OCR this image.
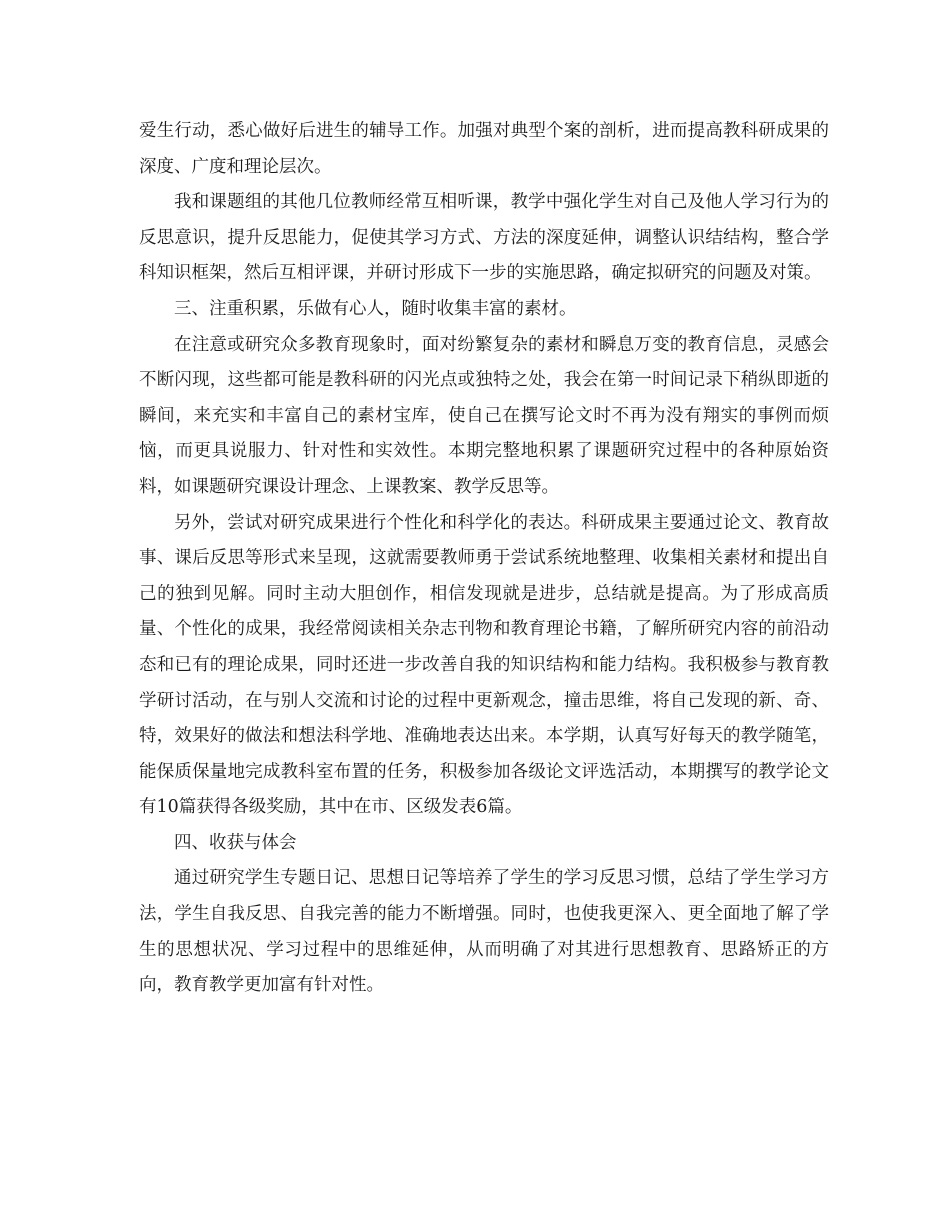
爱生行动，悉心做好后进生的辅导工作。加强对典型个案的剖析，进而提高教科研成果的深度、广度和理论层次。

我和课题组的其他几位教师经常互相听课，教学中强化学生对自己及他人学习行为的反思意识，提升反思能力，促使其学习方式、方法的深度延伸，调整认识结结构，整合学科知识框架，然后互相评课，并研讨形成下一步的实施思路，确定拟研究的问题及对策。

三、注重积累，乐做有心人，随时收集丰富的素材。

在注意或研究众多教育现象时，面对纷繁复杂的素材和瞬息万变的教育信息，灵感会不断闪现，这些都可能是教科研的闪光点或独特之处，我会在第一时间记录下稍纵即逝的瞬间，来充实和丰富自己的素材宝库，使自己在撰写论文时不再为没有翔实的事例而烦恼，而更具说服力、针对性和实效性。本期完整地积累了课题研究过程中的各种原始资料，如课题研究课设计理念、上课教案、教学反思等。

另外，尝试对研究成果进行个性化和科学化的表达。科研成果主要通过论文、教育故事、课后反思等形式来呈现，这就需要教师勇于尝试系统地整理、收集相关素材和提出自己的独到见解。同时主动大胆创作，相信发现就是进步，总结就是提高。为了形成高质量、个性化的成果，我经常阅读相关杂志刊物和教育理论书籍，了解所研究内容的前沿动态和已有的理论成果，同时还进一步改善自我的知识结构和能力结构。我积极参与教育教学研讨活动，在与别人交流和讨论的过程中更新观念，撞击思维，将自己发现的新、奇、特，效果好的做法和想法科学地、准确地表达出来。本学期，认真写好每天的教学随笔，能保质保量地完成教科室布置的任务，积极参加各级论文评选活动，本期撰写的教学论文有10篇获得各级奖励，其中在市、区级发表6篇。

四、收获与体会

通过研究学生专题日记、思想日记等培养了学生的学习反思习惯，总结了学生学习方法，学生自我反思、自我完善的能力不断增强。同时，也使我更深入、更全面地了解了学生的思想状况、学习过程中的思维延伸，从而明确了对其进行思想教育、思路矫正的方向，教育教学更加富有针对性。
